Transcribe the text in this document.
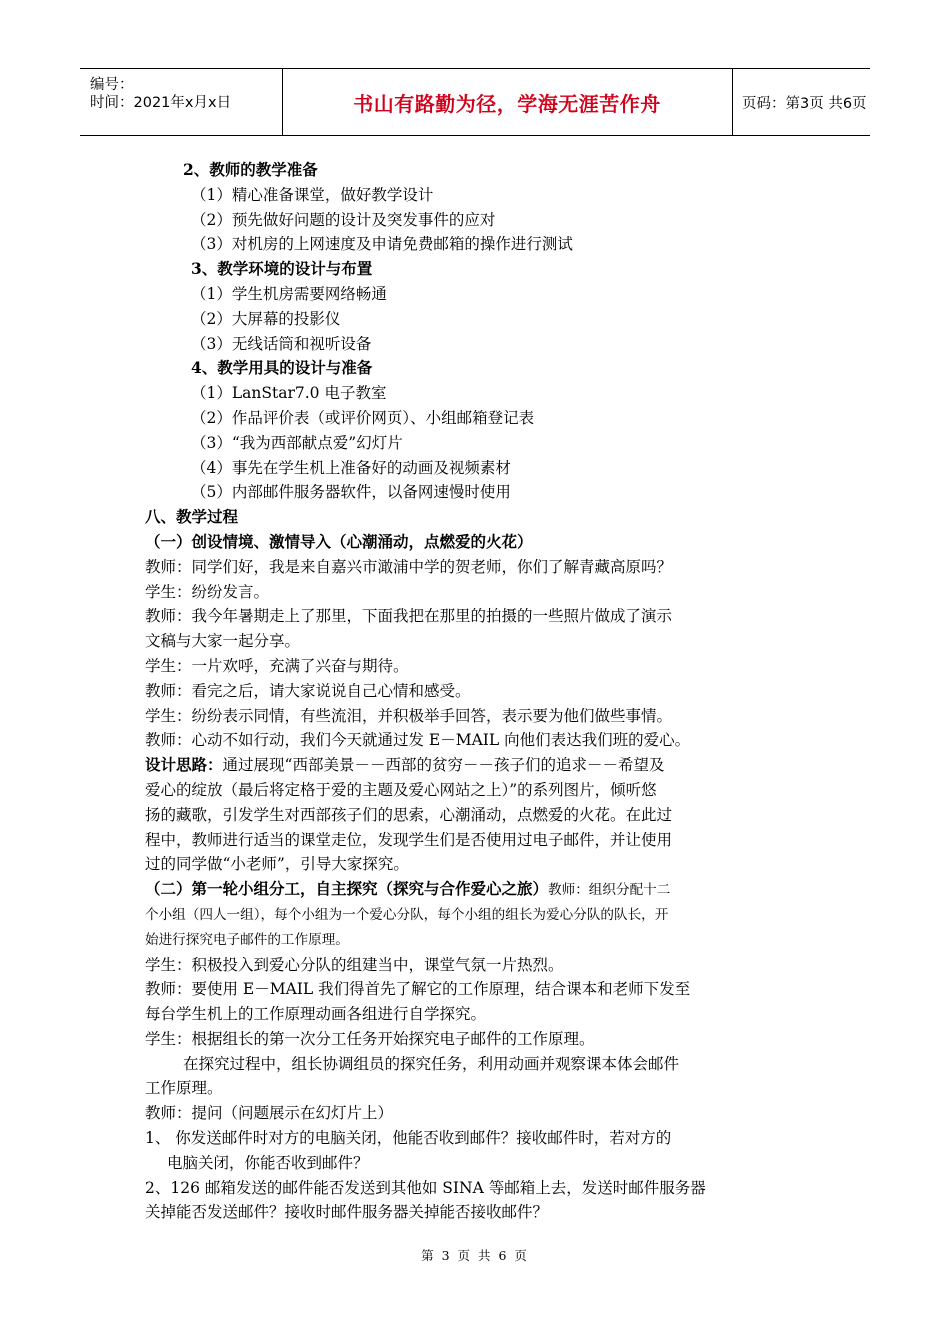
编号：
时间：2021年x月x日	书山有路勤为径，学海无涯苦作舟	页码：第3页 共6页

2、教师的教学准备

（1）精心准备课堂，做好教学设计

（2）预先做好问题的设计及突发事件的应对

（3）对机房的上网速度及申请免费邮箱的操作进行测试

3、教学环境的设计与布置

（1）学生机房需要网络畅通

（2）大屏幕的投影仪

（3）无线话筒和视听设备

4、教学用具的设计与准备

（1）LanStar7.0 电子教室

（2）作品评价表（或评价网页）、小组邮箱登记表

（3）“我为西部献点爱”幻灯片

（4）事先在学生机上准备好的动画及视频素材

（5）内部邮件服务器软件，以备网速慢时使用

八、教学过程

（一）创设情境、激情导入（心潮涌动，点燃爱的火花）

教师：同学们好，我是来自嘉兴市澉浦中学的贺老师，你们了解青藏高原吗？

学生：纷纷发言。

教师：我今年暑期走上了那里，下面我把在那里的拍摄的一些照片做成了演示

文稿与大家一起分享。

学生：一片欢呼，充满了兴奋与期待。

教师：看完之后，请大家说说自己心情和感受。

学生：纷纷表示同情，有些流泪，并积极举手回答，表示要为他们做些事情。

教师：心动不如行动，我们今天就通过发 E－MAIL 向他们表达我们班的爱心。

设计思路：通过展现“西部美景－－西部的贫穷－－孩子们的追求－－希望及

爱心的绽放（最后将定格于爱的主题及爱心网站之上）”的系列图片，倾听悠

扬的藏歌，引发学生对西部孩子们的思索，心潮涌动，点燃爱的火花。在此过

程中，教师进行适当的课堂走位，发现学生们是否使用过电子邮件，并让使用

过的同学做“小老师”，引导大家探究。

（二）第一轮小组分工，自主探究（探究与合作爱心之旅）教师：组织分配十二

个小组（四人一组），每个小组为一个爱心分队，每个小组的组长为爱心分队的队长，开

始进行探究电子邮件的工作原理。

学生：积极投入到爱心分队的组建当中，课堂气氛一片热烈。

教师：要使用 E－MAIL 我们得首先了解它的工作原理，结合课本和老师下发至

每台学生机上的工作原理动画各组进行自学探究。

学生：根据组长的第一次分工任务开始探究电子邮件的工作原理。

在探究过程中，组长协调组员的探究任务，利用动画并观察课本体会邮件

工作原理。

教师：提问（问题展示在幻灯片上）

1、 你发送邮件时对方的电脑关闭，他能否收到邮件？接收邮件时，若对方的

电脑关闭，你能否收到邮件？

2、126 邮箱发送的邮件能否发送到其他如 SINA 等邮箱上去，发送时邮件服务器

关掉能否发送邮件？接收时邮件服务器关掉能否接收邮件？

第 3 页 共 6 页
